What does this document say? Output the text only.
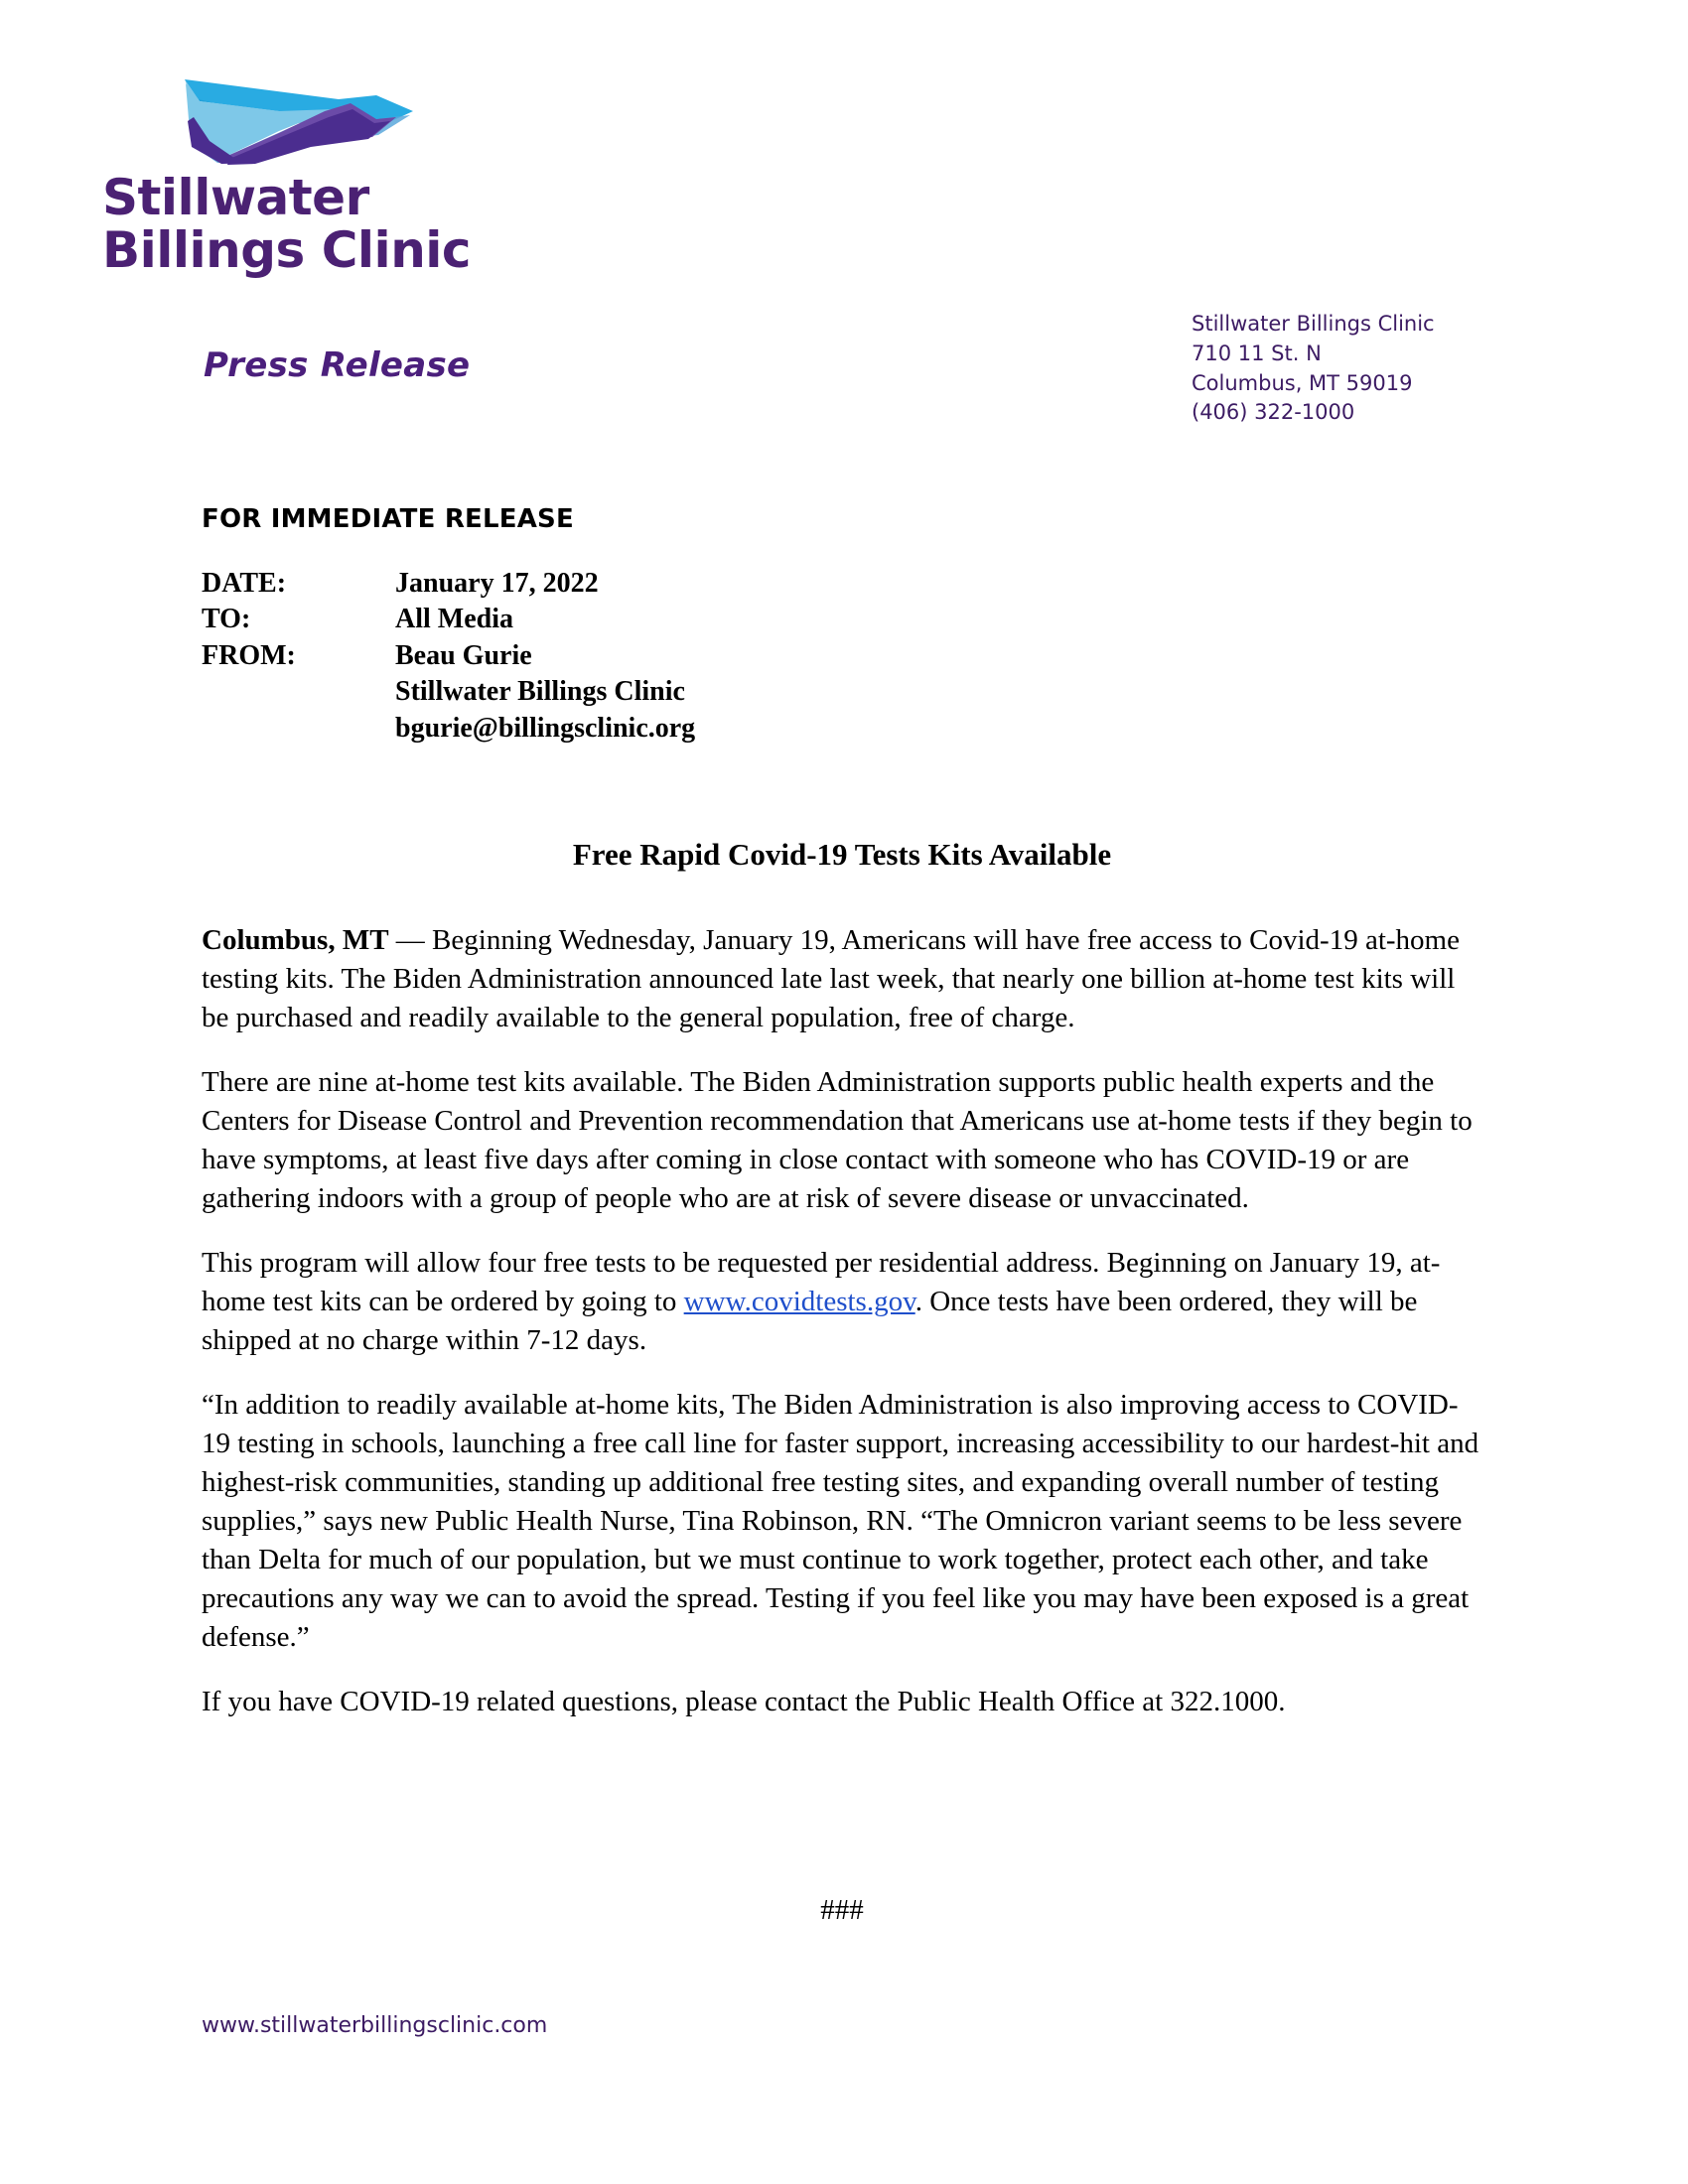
Stillwater
Billings Clinic
Press Release
Stillwater Billings Clinic
710 11 St. N
Columbus, MT 59019
(406) 322-1000
FOR IMMEDIATE RELEASE
DATE:	January 17, 2022
TO:	All Media
FROM:	Beau Gurie
Stillwater Billings Clinic
bgurie@billingsclinic.org
Free Rapid Covid-19 Tests Kits Available

Columbus, MT — Beginning Wednesday, January 19, Americans will have free access to Covid-19 at-home testing kits. The Biden Administration announced late last week, that nearly one billion at-home test kits will be purchased and readily available to the general population, free of charge.

There are nine at-home test kits available. The Biden Administration supports public health experts and the Centers for Disease Control and Prevention recommendation that Americans use at-home tests if they begin to have symptoms, at least five days after coming in close contact with someone who has COVID-19 or are gathering indoors with a group of people who are at risk of severe disease or unvaccinated.

This program will allow four free tests to be requested per residential address. Beginning on January 19, at-home test kits can be ordered by going to www.covidtests.gov. Once tests have been ordered, they will be shipped at no charge within 7-12 days.

“In addition to readily available at-home kits, The Biden Administration is also improving access to COVID-19 testing in schools, launching a free call line for faster support, increasing accessibility to our hardest-hit and highest-risk communities, standing up additional free testing sites, and expanding overall number of testing supplies,” says new Public Health Nurse, Tina Robinson, RN. “The Omnicron variant seems to be less severe than Delta for much of our population, but we must continue to work together, protect each other, and take precautions any way we can to avoid the spread. Testing if you feel like you may have been exposed is a great defense.”

If you have COVID-19 related questions, please contact the Public Health Office at 322.1000.

###
www.stillwaterbillingsclinic.com
